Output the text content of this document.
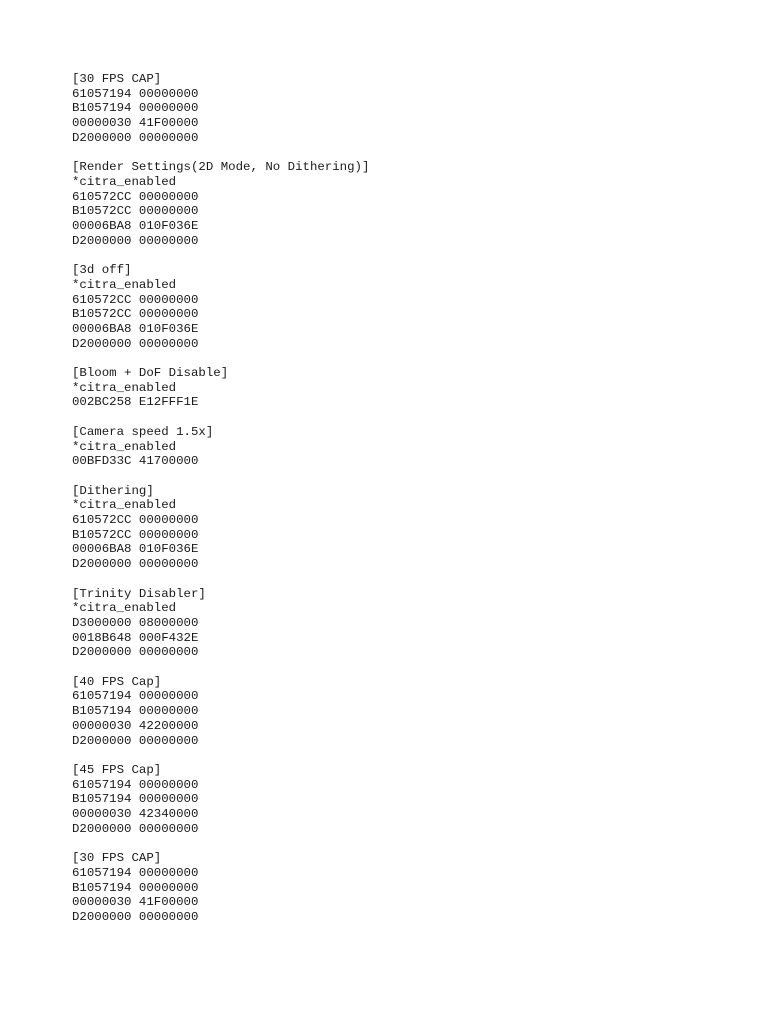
[30 FPS CAP]
61057194 00000000
B1057194 00000000
00000030 41F00000
D2000000 00000000
[Render Settings(2D Mode, No Dithering)]
*citra_enabled
610572CC 00000000
B10572CC 00000000
00006BA8 010F036E
D2000000 00000000
[3d off]
*citra_enabled
610572CC 00000000
B10572CC 00000000
00006BA8 010F036E
D2000000 00000000
[Bloom + DoF Disable]
*citra_enabled
002BC258 E12FFF1E
[Camera speed 1.5x]
*citra_enabled
00BFD33C 41700000
[Dithering]
*citra_enabled
610572CC 00000000
B10572CC 00000000
00006BA8 010F036E
D2000000 00000000
[Trinity Disabler]
*citra_enabled
D3000000 08000000
0018B648 000F432E
D2000000 00000000
[40 FPS Cap]
61057194 00000000
B1057194 00000000
00000030 42200000
D2000000 00000000
[45 FPS Cap]
61057194 00000000
B1057194 00000000
00000030 42340000
D2000000 00000000
[30 FPS CAP]
61057194 00000000
B1057194 00000000
00000030 41F00000
D2000000 00000000
